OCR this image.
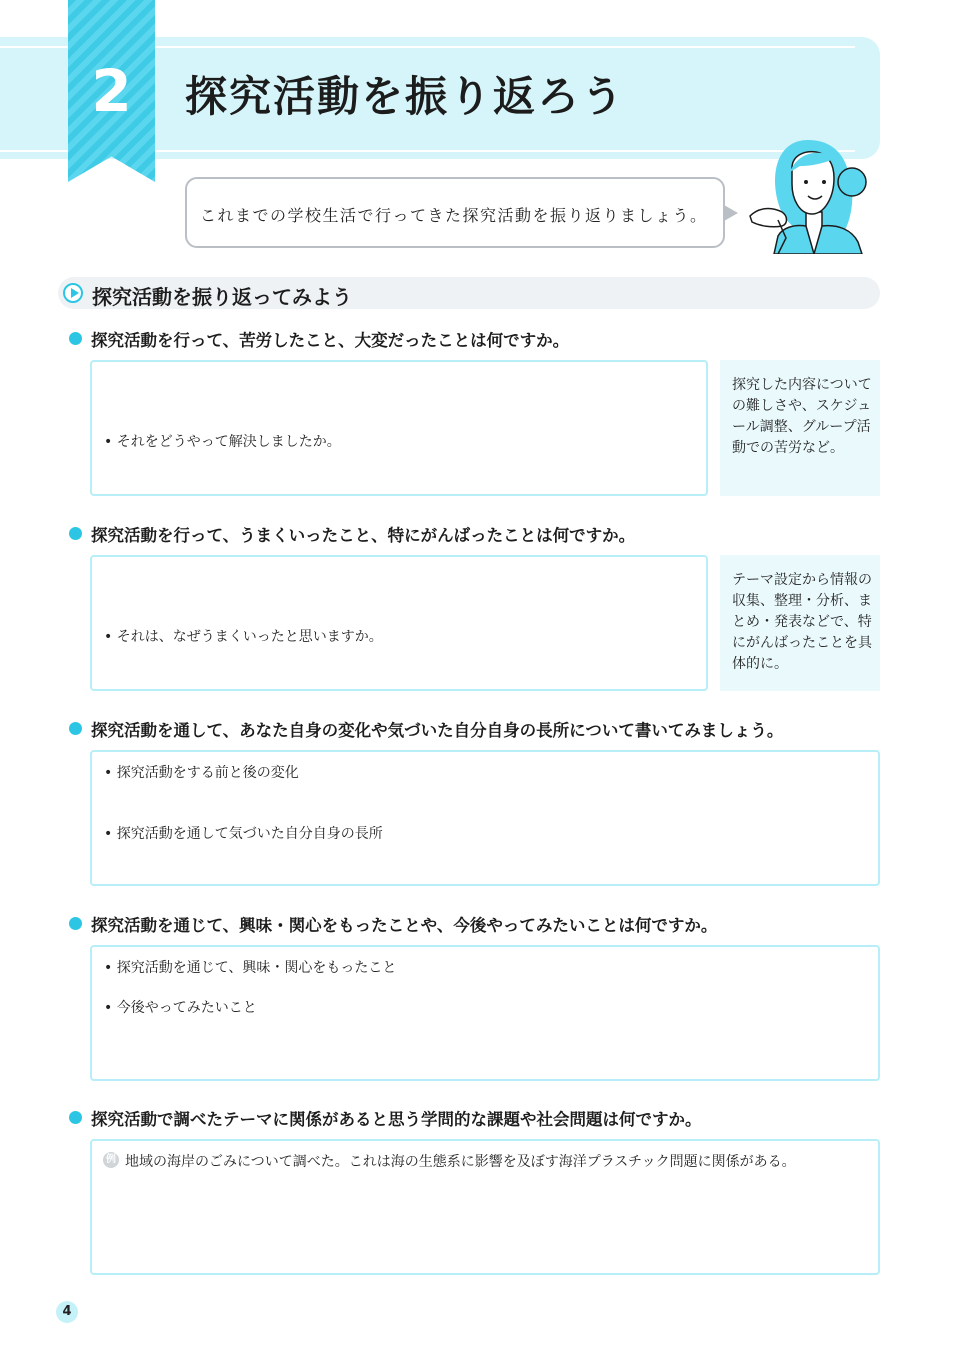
2	探究活動を振り返ろう
これまでの学校生活で行ってきた探究活動を振り返りましょう。
探究活動を振り返ってみよう
探究活動を行って、苦労したこと、大変だったことは何ですか。
• それをどうやって解決しましたか。
探究した内容についての難しさや、スケジュール調整、グループ活動での苦労など。
探究活動を行って、うまくいったこと、特にがんばったことは何ですか。
• それは、なぜうまくいったと思いますか。
テーマ設定から情報の収集、整理・分析、まとめ・発表などで、特にがんばったことを具体的に。
探究活動を通して、あなた自身の変化や気づいた自分自身の長所について書いてみましょう。
• 探究活動をする前と後の変化
• 探究活動を通して気づいた自分自身の長所
探究活動を通じて、興味・関心をもったことや、今後やってみたいことは何ですか。
• 探究活動を通じて、興味・関心をもったこと
• 今後やってみたいこと
探究活動で調べたテーマに関係があると思う学問的な課題や社会問題は何ですか。
例 地域の海岸のごみについて調べた。これは海の生態系に影響を及ぼす海洋プラスチック問題に関係がある。
4
